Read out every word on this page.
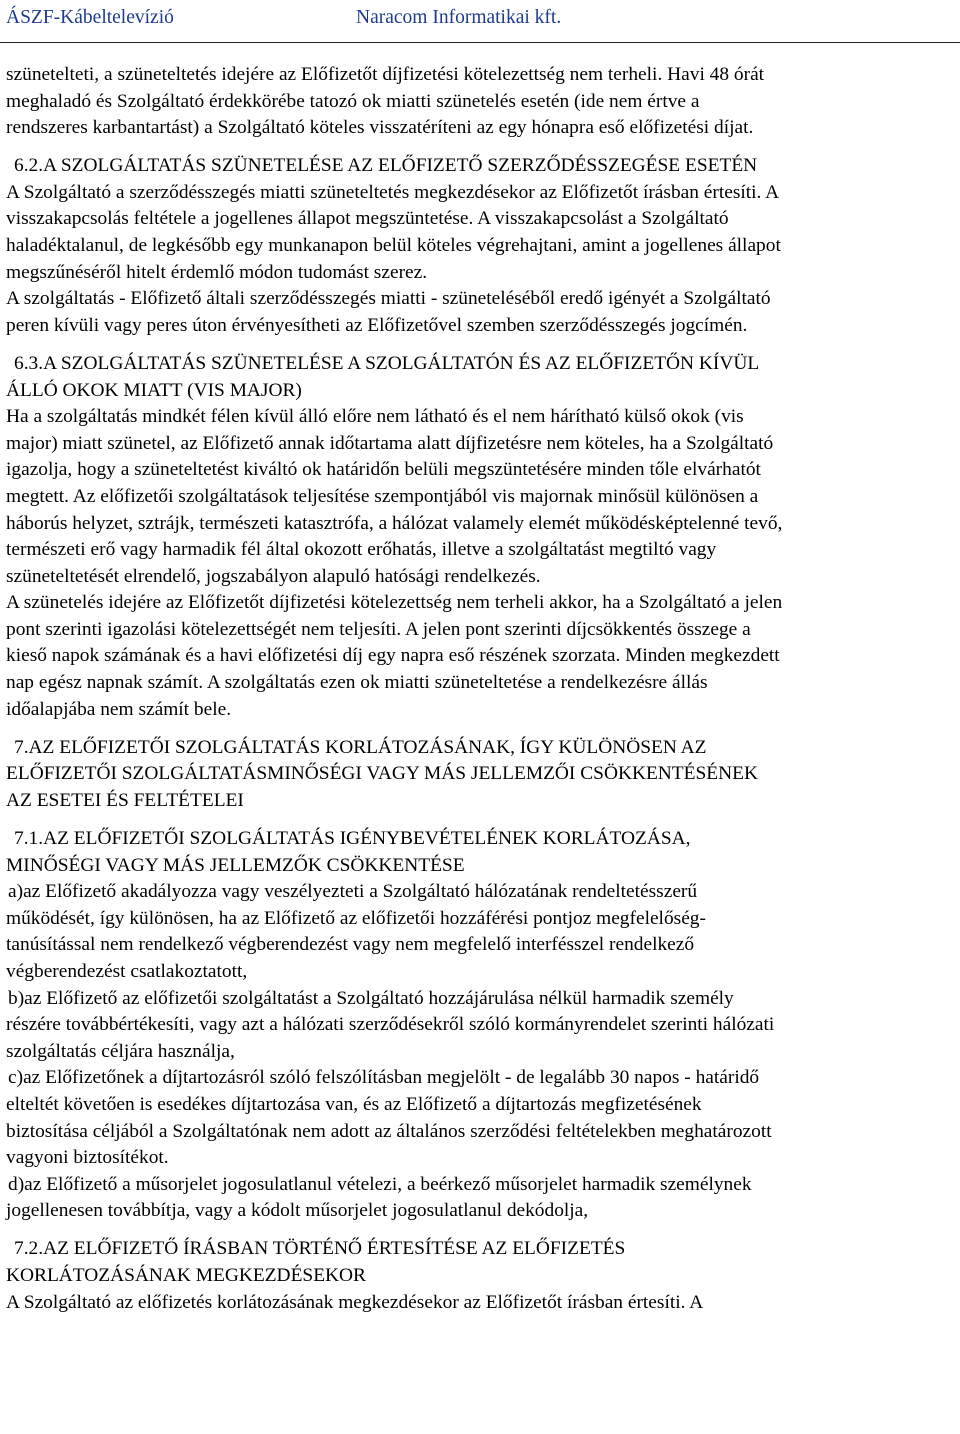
ÁSZF-Kábeltelevízió	Naracom Informatikai kft.
szünetelteti, a szüneteltetés idejére az Előfizetőt díjfizetési kötelezettség nem terheli. Havi 48 órát
meghaladó és Szolgáltató érdekkörébe tatozó ok miatti szünetelés esetén (ide nem értve a
rendszeres karbantartást) a Szolgáltató köteles visszatéríteni az egy hónapra eső előfizetési díjat.
6.2.A SZOLGÁLTATÁS SZÜNETELÉSE AZ ELŐFIZETŐ SZERZŐDÉSSZEGÉSE ESETÉN
A Szolgáltató a szerződésszegés miatti szüneteltetés megkezdésekor az Előfizetőt írásban értesíti. A
visszakapcsolás feltétele a jogellenes állapot megszüntetése. A visszakapcsolást a Szolgáltató
haladéktalanul, de legkésőbb egy munkanapon belül köteles végrehajtani, amint a jogellenes állapot
megszűnéséről hitelt érdemlő módon tudomást szerez.
A szolgáltatás - Előfizető általi szerződésszegés miatti - szüneteléséből eredő igényét a Szolgáltató
peren kívüli vagy peres úton érvényesítheti az Előfizetővel szemben szerződésszegés jogcímén.
6.3.A SZOLGÁLTATÁS SZÜNETELÉSE A SZOLGÁLTATÓN ÉS AZ ELŐFIZETŐN KÍVÜL
ÁLLÓ OKOK MIATT (VIS MAJOR)
Ha a szolgáltatás mindkét félen kívül álló előre nem látható és el nem hárítható külső okok (vis
major) miatt szünetel, az Előfizető annak időtartama alatt díjfizetésre nem köteles, ha a Szolgáltató
igazolja, hogy a szüneteltetést kiváltó ok határidőn belüli megszüntetésére minden tőle elvárhatót
megtett. Az előfizetői szolgáltatások teljesítése szempontjából vis majornak minősül különösen a
háborús helyzet, sztrájk, természeti katasztrófa, a hálózat valamely elemét működésképtelenné tevő,
természeti erő vagy harmadik fél által okozott erőhatás, illetve a szolgáltatást megtiltó vagy
szüneteltetését elrendelő, jogszabályon alapuló hatósági rendelkezés.
A szünetelés idejére az Előfizetőt díjfizetési kötelezettség nem terheli akkor, ha a Szolgáltató a jelen
pont szerinti igazolási kötelezettségét nem teljesíti. A jelen pont szerinti díjcsökkentés összege a
kieső napok számának és a havi előfizetési díj egy napra eső részének szorzata. Minden megkezdett
nap egész napnak számít. A szolgáltatás ezen ok miatti szüneteltetése a rendelkezésre állás
időalapjába nem számít bele.
7.AZ ELŐFIZETŐI SZOLGÁLTATÁS KORLÁTOZÁSÁNAK, ÍGY KÜLÖNÖSEN AZ
ELŐFIZETŐI SZOLGÁLTATÁSMINŐSÉGI VAGY MÁS JELLEMZŐI CSÖKKENTÉSÉNEK
AZ ESETEI ÉS FELTÉTELEI
7.1.AZ ELŐFIZETŐI SZOLGÁLTATÁS IGÉNYBEVÉTELÉNEK KORLÁTOZÁSA,
MINŐSÉGI VAGY MÁS JELLEMZŐK CSÖKKENTÉSE
a)az Előfizető akadályozza vagy veszélyezteti a Szolgáltató hálózatának rendeltetésszerű
működését, így különösen, ha az Előfizető az előfizetői hozzáférési pontjoz megfelelőség-
tanúsítással nem rendelkező végberendezést vagy nem megfelelő interfésszel rendelkező
végberendezést csatlakoztatott,
b)az Előfizető az előfizetői szolgáltatást a Szolgáltató hozzájárulása nélkül harmadik személy
részére továbbértékesíti, vagy azt a hálózati szerződésekről szóló kormányrendelet szerinti hálózati
szolgáltatás céljára használja,
c)az Előfizetőnek a díjtartozásról szóló felszólításban megjelölt - de legalább 30 napos - határidő
elteltét követően is esedékes díjtartozása van, és az Előfizető a díjtartozás megfizetésének
biztosítása céljából a Szolgáltatónak nem adott az általános szerződési feltételekben meghatározott
vagyoni biztosítékot.
d)az Előfizető a műsorjelet jogosulatlanul vételezi, a beérkező műsorjelet harmadik személynek
jogellenesen továbbítja, vagy a kódolt műsorjelet jogosulatlanul dekódolja,
7.2.AZ ELŐFIZETŐ ÍRÁSBAN TÖRTÉNŐ ÉRTESÍTÉSE AZ ELŐFIZETÉS
KORLÁTOZÁSÁNAK MEGKEZDÉSEKOR
A Szolgáltató az előfizetés korlátozásának megkezdésekor az Előfizetőt írásban értesíti. A
